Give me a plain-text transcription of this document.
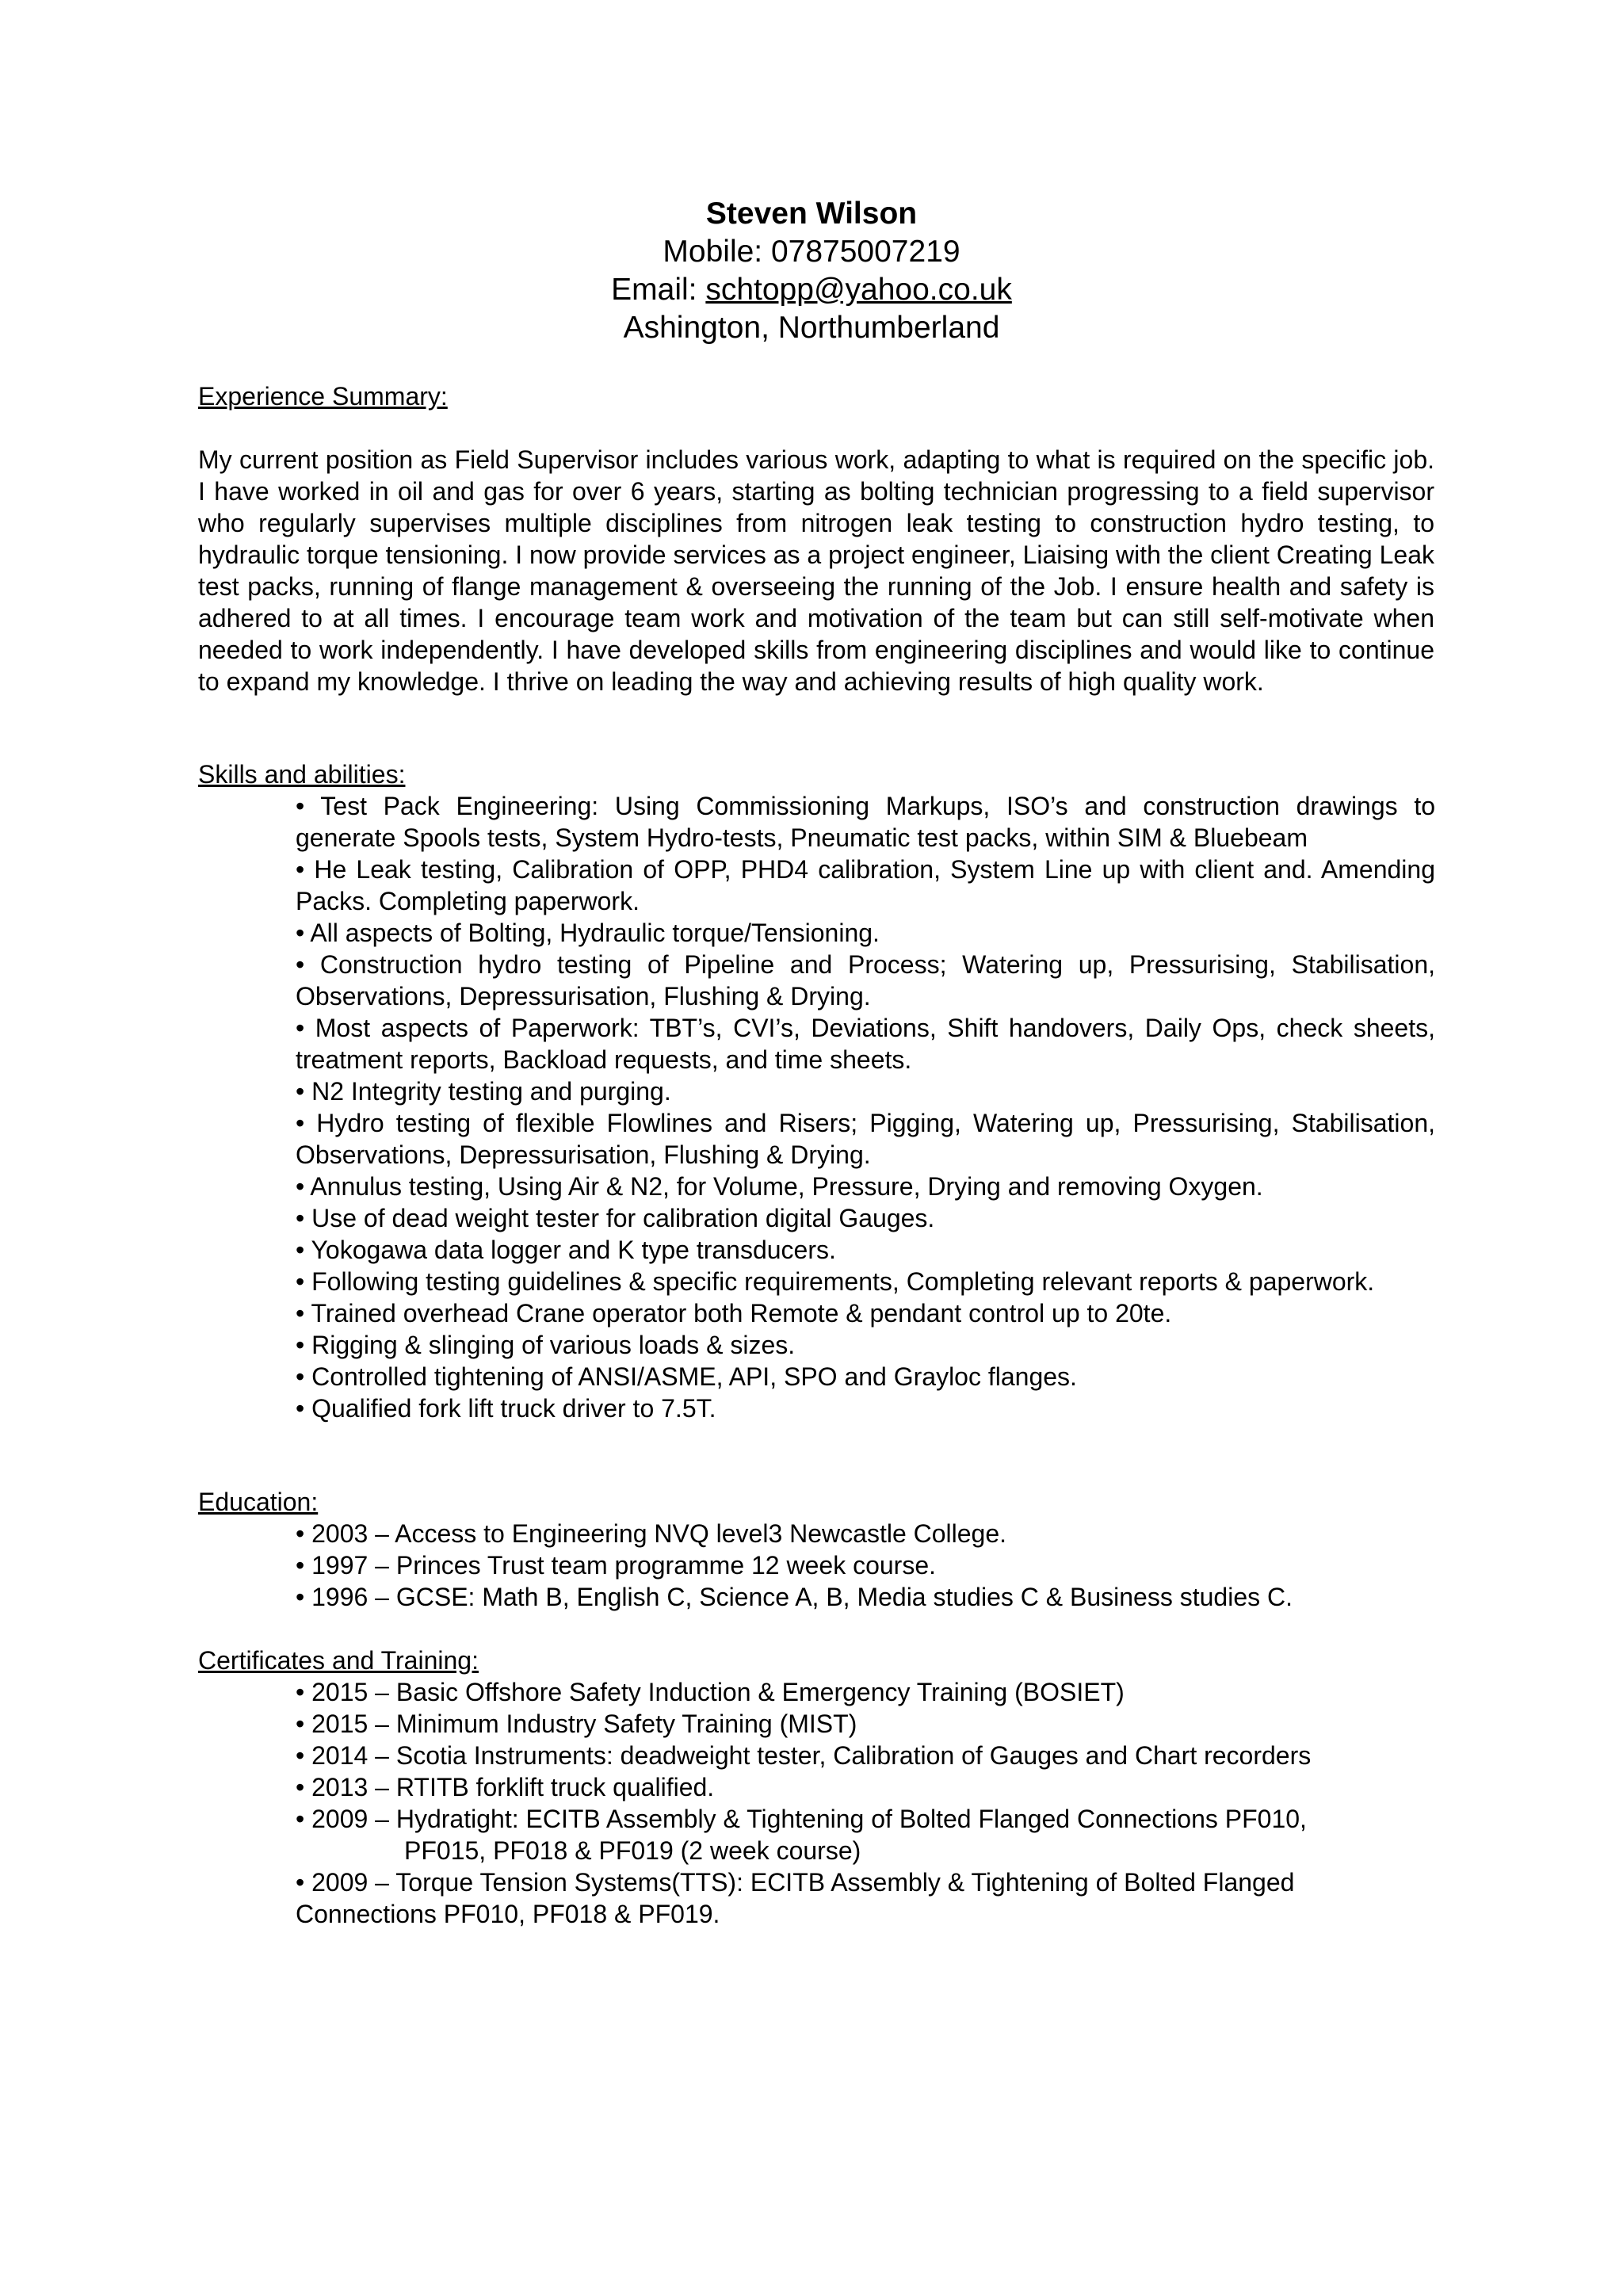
Steven Wilson

Mobile: 07875007219

Email: schtopp@yahoo.co.uk

Ashington, Northumberland

Experience Summary:

My current position as Field Supervisor includes various work, adapting to what is required on the specific job. I have worked in oil and gas for over 6 years, starting as bolting technician progressing to a field supervisor who regularly supervises multiple disciplines from nitrogen leak testing to construction hydro testing, to hydraulic torque tensioning. I now provide services as a project engineer, Liaising with the client Creating Leak test packs, running of flange management & overseeing the running of the Job. I ensure health and safety is adhered to at all times. I encourage team work and motivation of the team but can still self-motivate when needed to work independently. I have developed skills from engineering disciplines and would like to continue to expand my knowledge. I thrive on leading the way and achieving results of high quality work.

Skills and abilities:

• Test Pack Engineering: Using Commissioning Markups, ISO’s and construction drawings to generate Spools tests, System Hydro-tests, Pneumatic test packs, within SIM & Bluebeam
• He Leak testing, Calibration of OPP, PHD4 calibration, System Line up with client and. Amending Packs. Completing paperwork.
• All aspects of Bolting, Hydraulic torque/Tensioning.
• Construction hydro testing of Pipeline and Process; Watering up, Pressurising, Stabilisation, Observations, Depressurisation, Flushing & Drying.
• Most aspects of Paperwork: TBT’s, CVI’s, Deviations, Shift handovers, Daily Ops, check sheets, treatment reports, Backload requests, and time sheets.
• N2 Integrity testing and purging.
• Hydro testing of flexible Flowlines and Risers; Pigging, Watering up, Pressurising, Stabilisation, Observations, Depressurisation, Flushing & Drying.
• Annulus testing, Using Air & N2, for Volume, Pressure, Drying and removing Oxygen.
• Use of dead weight tester for calibration digital Gauges.
• Yokogawa data logger and K type transducers.
• Following testing guidelines & specific requirements, Completing relevant reports & paperwork.
• Trained overhead Crane operator both Remote & pendant control up to 20te.
• Rigging & slinging of various loads & sizes.
• Controlled tightening of ANSI/ASME, API, SPO and Grayloc flanges.
• Qualified fork lift truck driver to 7.5T.

Education:

• 2003 – Access to Engineering NVQ level3 Newcastle College.
• 1997 – Princes Trust team programme 12 week course.
• 1996 – GCSE: Math B, English C, Science A, B, Media studies C & Business studies C.

Certificates and Training:

• 2015 – Basic Offshore Safety Induction & Emergency Training (BOSIET)
• 2015 – Minimum Industry Safety Training (MIST)
• 2014 – Scotia Instruments: deadweight tester, Calibration of Gauges and Chart recorders
• 2013 – RTITB forklift truck qualified.
• 2009 – Hydratight: ECITB Assembly & Tightening of Bolted Flanged Connections PF010,
PF015, PF018 & PF019 (2 week course)
• 2009 – Torque Tension Systems(TTS): ECITB Assembly & Tightening of Bolted Flanged Connections PF010, PF018 & PF019.
